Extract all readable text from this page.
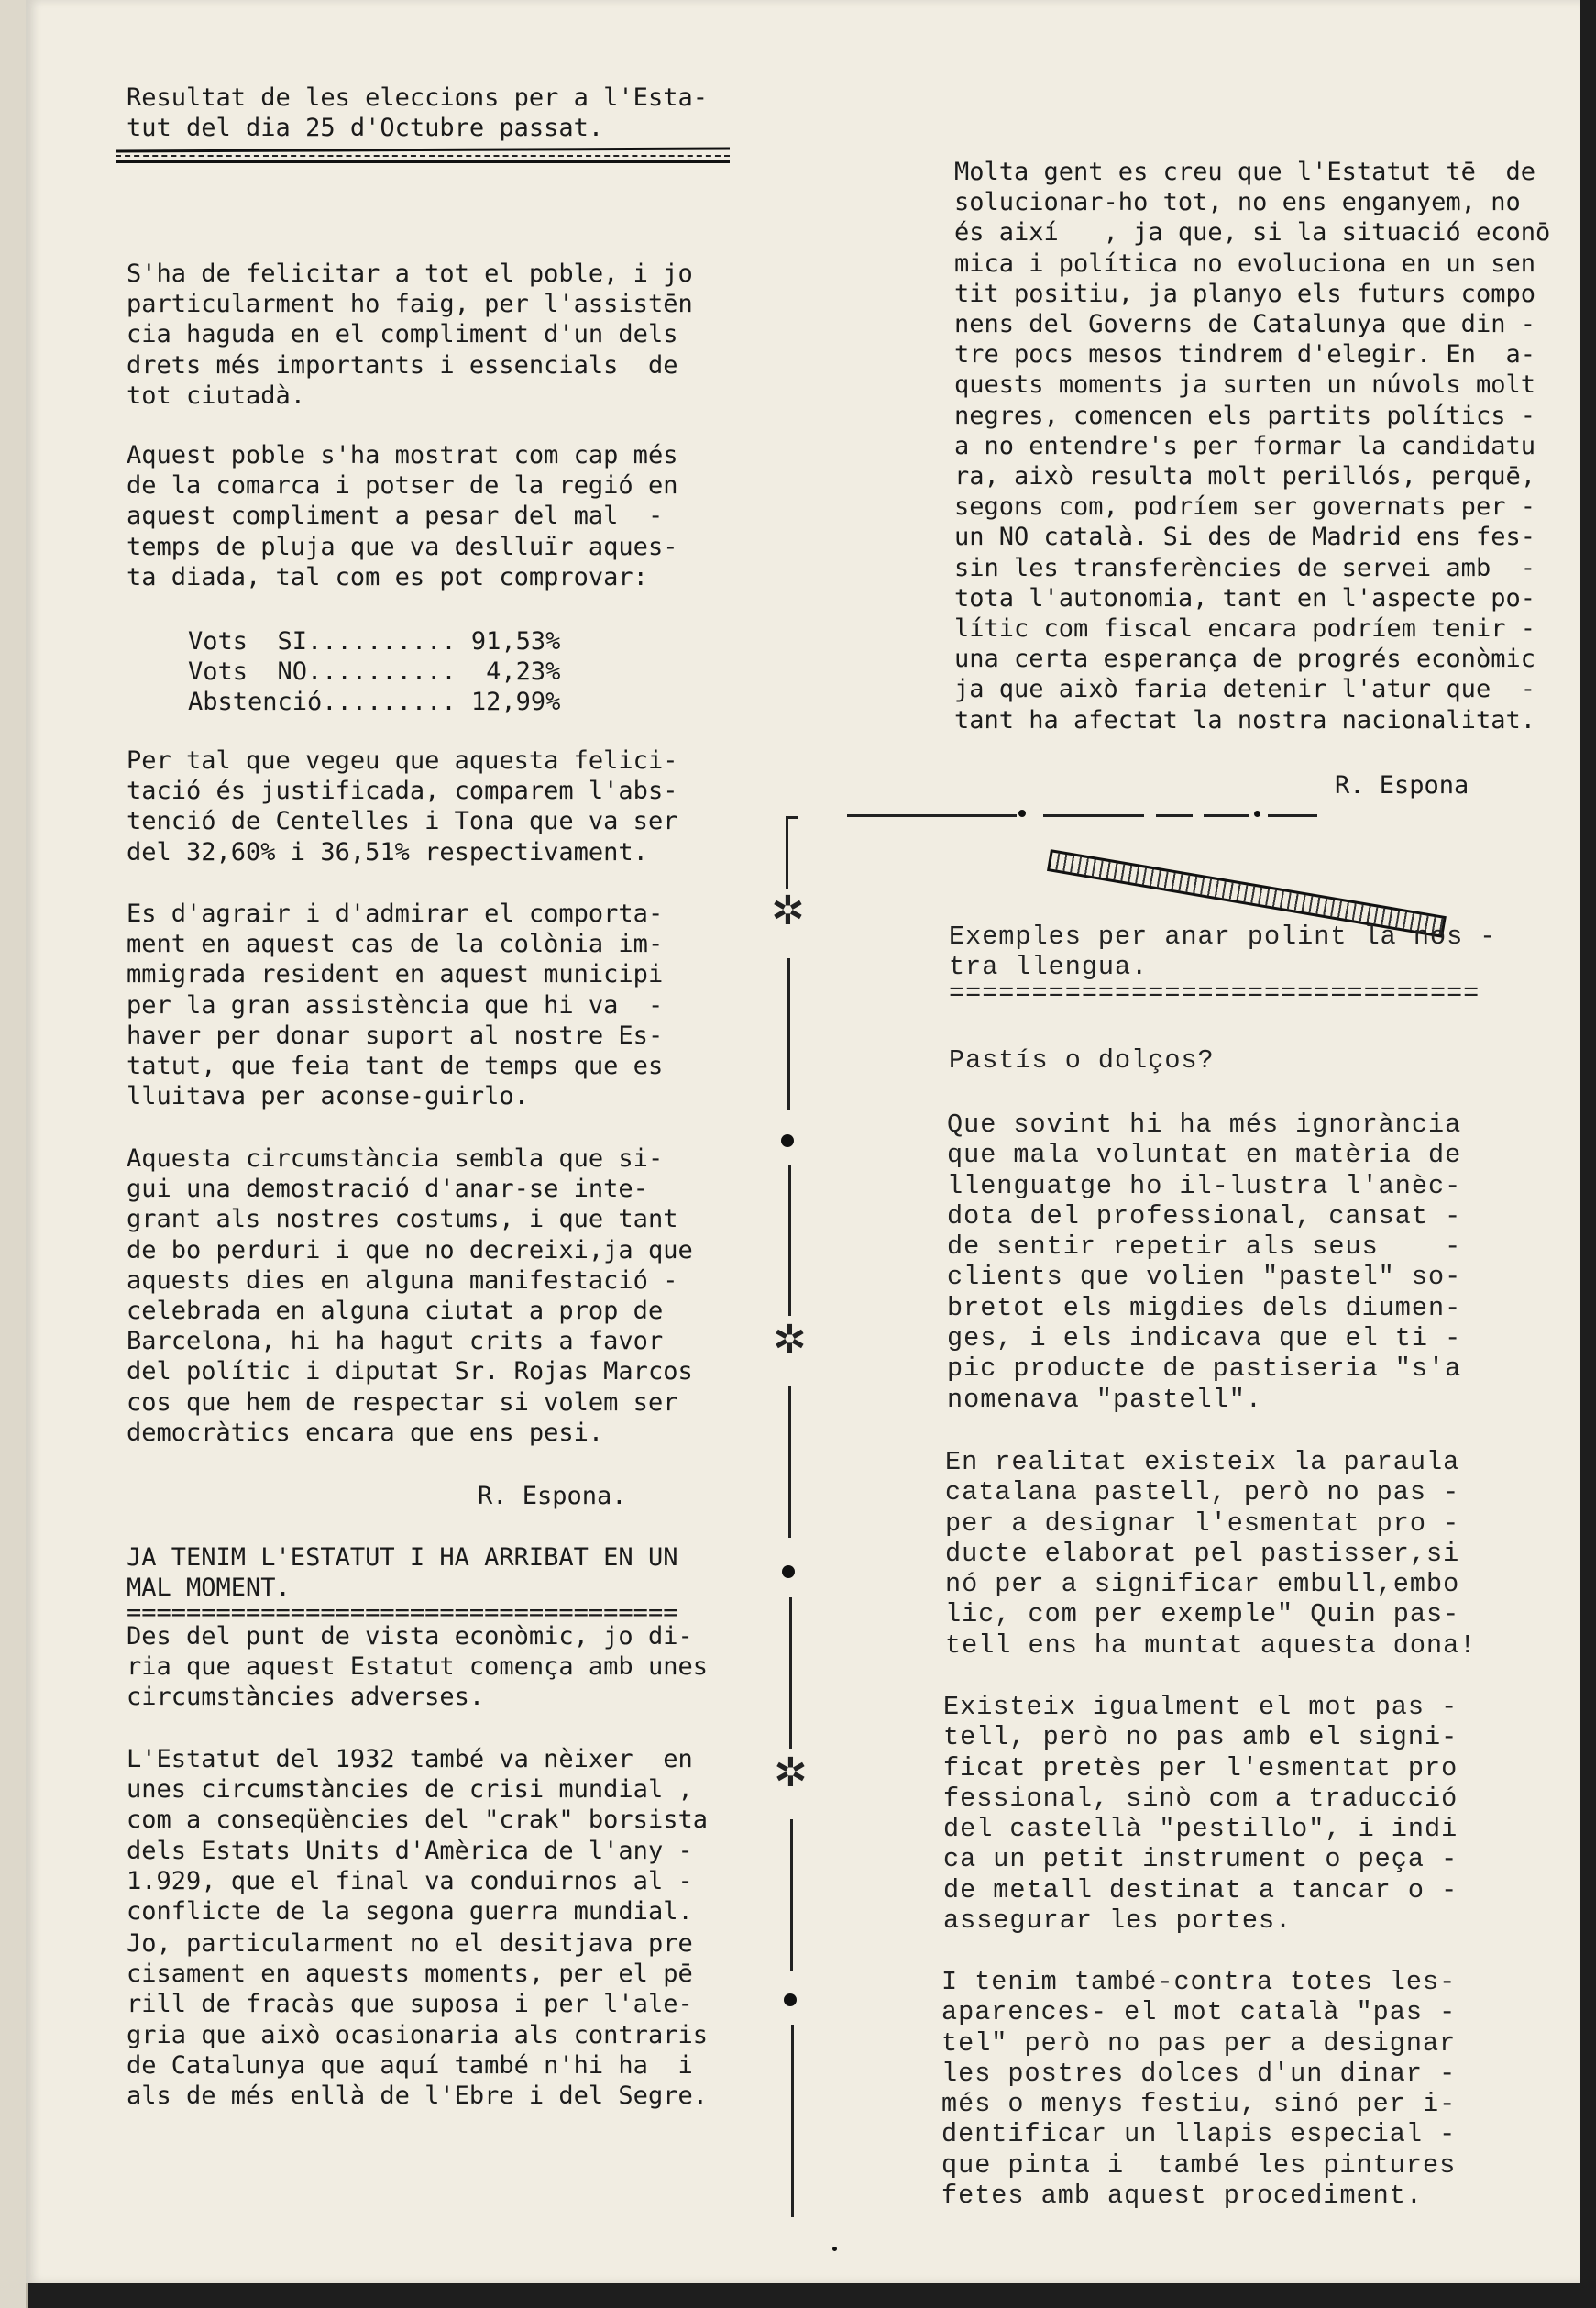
.

Resultat de les eleccions per a l'Esta-

tut del dia 25 d'Octubre passat.

S'ha de felicitar a tot el poble, i jo

particularment ho faig, per l'assistēn

cia haguda en el compliment d'un dels

drets més importants i essencials  de

tot ciutadà.

Aquest poble s'ha mostrat com cap més

de la comarca i potser de la regió en

aquest compliment a pesar del mal  -

temps de pluja que va deslluïr aques-

ta diada, tal com es pot comprovar:

Vots  SI.......... 91,53%

Vots  NO..........  4,23%

Abstenció......... 12,99%

Per tal que vegeu que aquesta felici-

tació és justificada, comparem l'abs-

tenció de Centelles i Tona que va ser

del 32,60% i 36,51% respectivament.

Es d'agrair i d'admirar el comporta-

ment en aquest cas de la colònia im-

mmigrada resident en aquest municipi

per la gran assistència que hi va  -

haver per donar suport al nostre Es-

tatut, que feia tant de temps que es

lluitava per aconse-guirlo.

Aquesta circumstància sembla que si-

gui una demostració d'anar-se inte-

grant als nostres costums, i que tant

de bo perduri i que no decreixi,ja que

aquests dies en alguna manifestació -

celebrada en alguna ciutat a prop de

Barcelona, hi ha hagut crits a favor

del polític i diputat Sr. Rojas Marcos

cos que hem de respectar si volem ser

democràtics encara que ens pesi.

R. Espona.

JA TENIM L'ESTATUT I HA ARRIBAT EN UN

MAL MOMENT.

=====================================

Des del punt de vista econòmic, jo di-

ria que aquest Estatut comença amb unes

circumstàncies adverses.

L'Estatut del 1932 també va nèixer  en

unes circumstàncies de crisi mundial ,

com a conseqüències del "crak" borsista

dels Estats Units d'Amèrica de l'any -

1.929, que el final va conduirnos al -

conflicte de la segona guerra mundial.

Jo, particularment no el desitjava pre

cisament en aquests moments, per el pē

rill de fracàs que suposa i per l'ale-

gria que això ocasionaria als contraris

de Catalunya que aquí també n'hi ha  i

als de més enllà de l'Ebre i del Segre.

✲
✲
✲

Molta gent es creu que l'Estatut tē  de

solucionar-ho tot, no ens enganyem, no

és així   , ja que, si la situació econō

mica i política no evoluciona en un sen

tit positiu, ja planyo els futurs compo

nens del Governs de Catalunya que din -

tre pocs mesos tindrem d'elegir. En  a-

quests moments ja surten un núvols molt

negres, comencen els partits polítics -

a no entendre's per formar la candidatu

ra, això resulta molt perillós, perquē,

segons com, podríem ser governats per -

un NO català. Si des de Madrid ens fes-

sin les transferències de servei amb  -

tota l'autonomia, tant en l'aspecte po-

lític com fiscal encara podríem tenir -

una certa esperança de progrés econòmic

ja que això faria detenir l'atur que  -

tant ha afectat la nostra nacionalitat.

R. Espona

Exemples per anar polint la nos -

tra llengua.

================================

Pastís o dolços?

Que sovint hi ha més ignorància

que mala voluntat en matèria de

llenguatge ho il-lustra l'anèc-

dota del professional, cansat -

de sentir repetir als seus    -

clients que volien "pastel" so-

bretot els migdies dels diumen-

ges, i els indicava que el ti -

pic producte de pastiseria "s'a

nomenava "pastell".

En realitat existeix la paraula

catalana pastell, però no pas -

per a designar l'esmentat pro -

ducte elaborat pel pastisser,si

nó per a significar embull,embo

lic, com per exemple" Quin pas-

tell ens ha muntat aquesta dona!

Existeix igualment el mot pas -

tell, però no pas amb el signi-

ficat pretès per l'esmentat pro

fessional, sinò com a traducció

del castellà "pestillo", i indi

ca un petit instrument o peça -

de metall destinat a tancar o -

assegurar les portes.

I tenim també-contra totes les-

aparences- el mot català "pas -

tel" però no pas per a designar

les postres dolces d'un dinar -

més o menys festiu, sinó per i-

dentificar un llapis especial -

que pinta i  també les pintures

fetes amb aquest procediment.
